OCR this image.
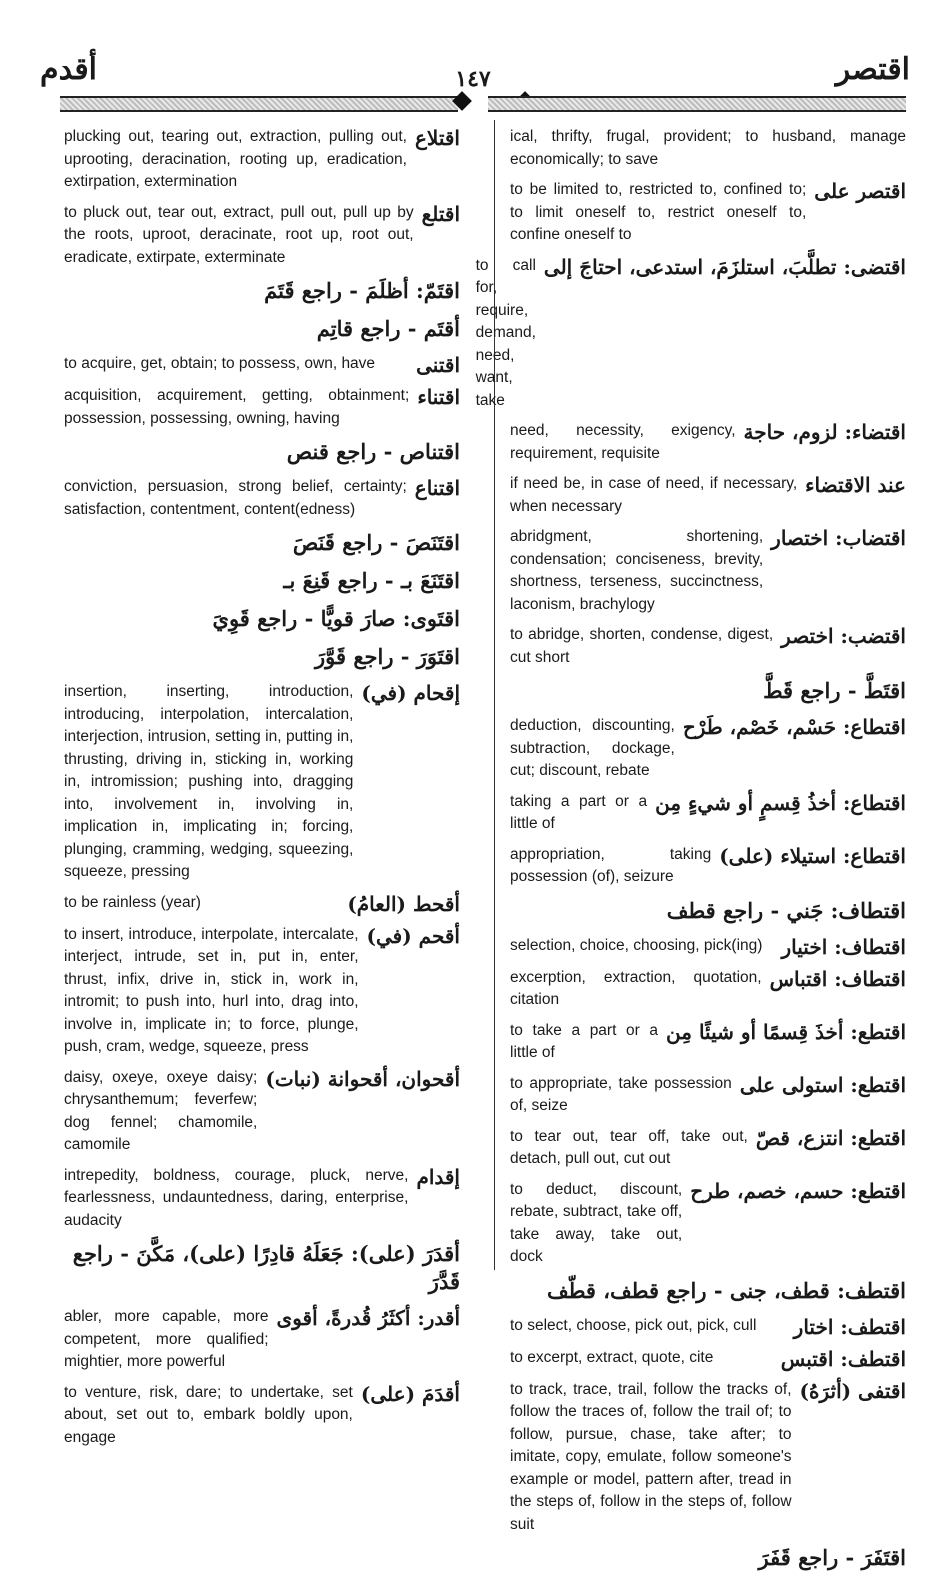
أقدم	١٤٧	اقتصر
اقتلاع
plucking out, tearing out, extraction, pulling out, uprooting, deracination, rooting up, eradication, extirpation, extermination
اقتلع
to pluck out, tear out, extract, pull out, pull up by the roots, uproot, deracinate, root up, root out, eradicate, extirpate, exterminate
اقتَمّ: أظلَمَ - راجع قَتَمَ
أقتَم - راجع قاتِم
اقتنى
to acquire, get, obtain; to possess, own, have
اقتناء
acquisition, acquirement, getting, obtainment; possession, possessing, owning, having
اقتناص - راجع قنص
اقتناع
conviction, persuasion, strong belief, certainty; satisfaction, contentment, content(edness)
اقتَنَصَ - راجع قَنَصَ
اقتَنَعَ بـ - راجع قَنِعَ بـ
اقتَوى: صارَ قويًّا - راجع قَوِيَ
اقتَوَرَ - راجع قَوَّرَ
إقحام (في)
insertion, inserting, introduction, introducing, interpolation, intercalation, interjection, intrusion, setting in, putting in, thrusting, driving in, sticking in, working in, intromission; pushing into, dragging into, involvement in, involving in, implication in, implicating in; forcing, plunging, cramming, wedging, squeezing, squeeze, pressing
أقحط (العامُ)
to be rainless (year)
أقحم (في)
to insert, introduce, interpolate, intercalate, interject, intrude, set in, put in, enter, thrust, infix, drive in, stick in, work in, intromit; to push into, hurl into, drag into, involve in, implicate in; to force, plunge, push, cram, wedge, squeeze, press
أقحوان، أقحوانة (نبات)
daisy, oxeye, oxeye daisy; chrysanthemum; feverfew; dog fennel; chamomile, camomile
إقدام
intrepedity, boldness, courage, pluck, nerve, fearlessness, undauntedness, daring, enterprise, audacity
أقدَرَ (على): جَعَلَهُ قادِرًا (على)، مَكَّنَ - راجع قَدَّرَ
أقدر: أكثَرُ قُدرةً، أقوى
abler, more capable, more competent, more qualified; mightier, more powerful
أقدَمَ (على)
to venture, risk, dare; to undertake, set about, set out to, embark boldly upon, engage
ical, thrifty, frugal, provident; to husband, manage economically; to save
اقتصر على
to be limited to, restricted to, confined to; to limit oneself to, restrict oneself to, confine oneself to
اقتضى: تطلَّبَ، استلزَمَ، استدعى، احتاجَ إلى
to call for, require, demand, need, want, take
اقتضاء: لزوم، حاجة
need, necessity, exigency, requirement, requisite
عند الاقتضاء
if need be, in case of need, if necessary, when necessary
اقتضاب: اختصار
abridgment, shortening, condensation; conciseness, brevity, shortness, terseness, succinctness, laconism, brachylogy
اقتضب: اختصر
to abridge, shorten, condense, digest, cut short
اقتَطَّ - راجع قَطَّ
اقتطاع: حَسْم، خَصْم، طَرْح
deduction, discounting, subtraction, dockage, cut; discount, rebate
اقتطاع: أخذُ قِسمٍ أو شيءٍ مِن
taking a part or a little of
اقتطاع: استيلاء (على)
appropriation, taking possession (of), seizure
اقتطاف: جَني - راجع قطف
اقتطاف: اختيار
selection, choice, choosing, pick(ing)
اقتطاف: اقتباس
excerption, extraction, quotation, citation
اقتطع: أخذَ قِسمًا أو شيئًا مِن
to take a part or a little of
اقتطع: استولى على
to appropriate, take possession of, seize
اقتطع: انتزع، قصّ
to tear out, tear off, take out, detach, pull out, cut out
اقتطع: حسم، خصم، طرح
to deduct, discount, rebate, subtract, take off, take away, take out, dock
اقتطف: قطف، جنى - راجع قطف، قطّف
اقتطف: اختار
to select, choose, pick out, pick, cull
اقتطف: اقتبس
to excerpt, extract, quote, cite
اقتفى (أثرَهُ)
to track, trace, trail, follow the tracks of, follow the traces of, follow the trail of; to follow, pursue, chase, take after; to imitate, copy, emulate, follow someone's example or model, pattern after, tread in the steps of, follow in the steps of, follow suit
اقتَفَرَ - راجع قَفَرَ
